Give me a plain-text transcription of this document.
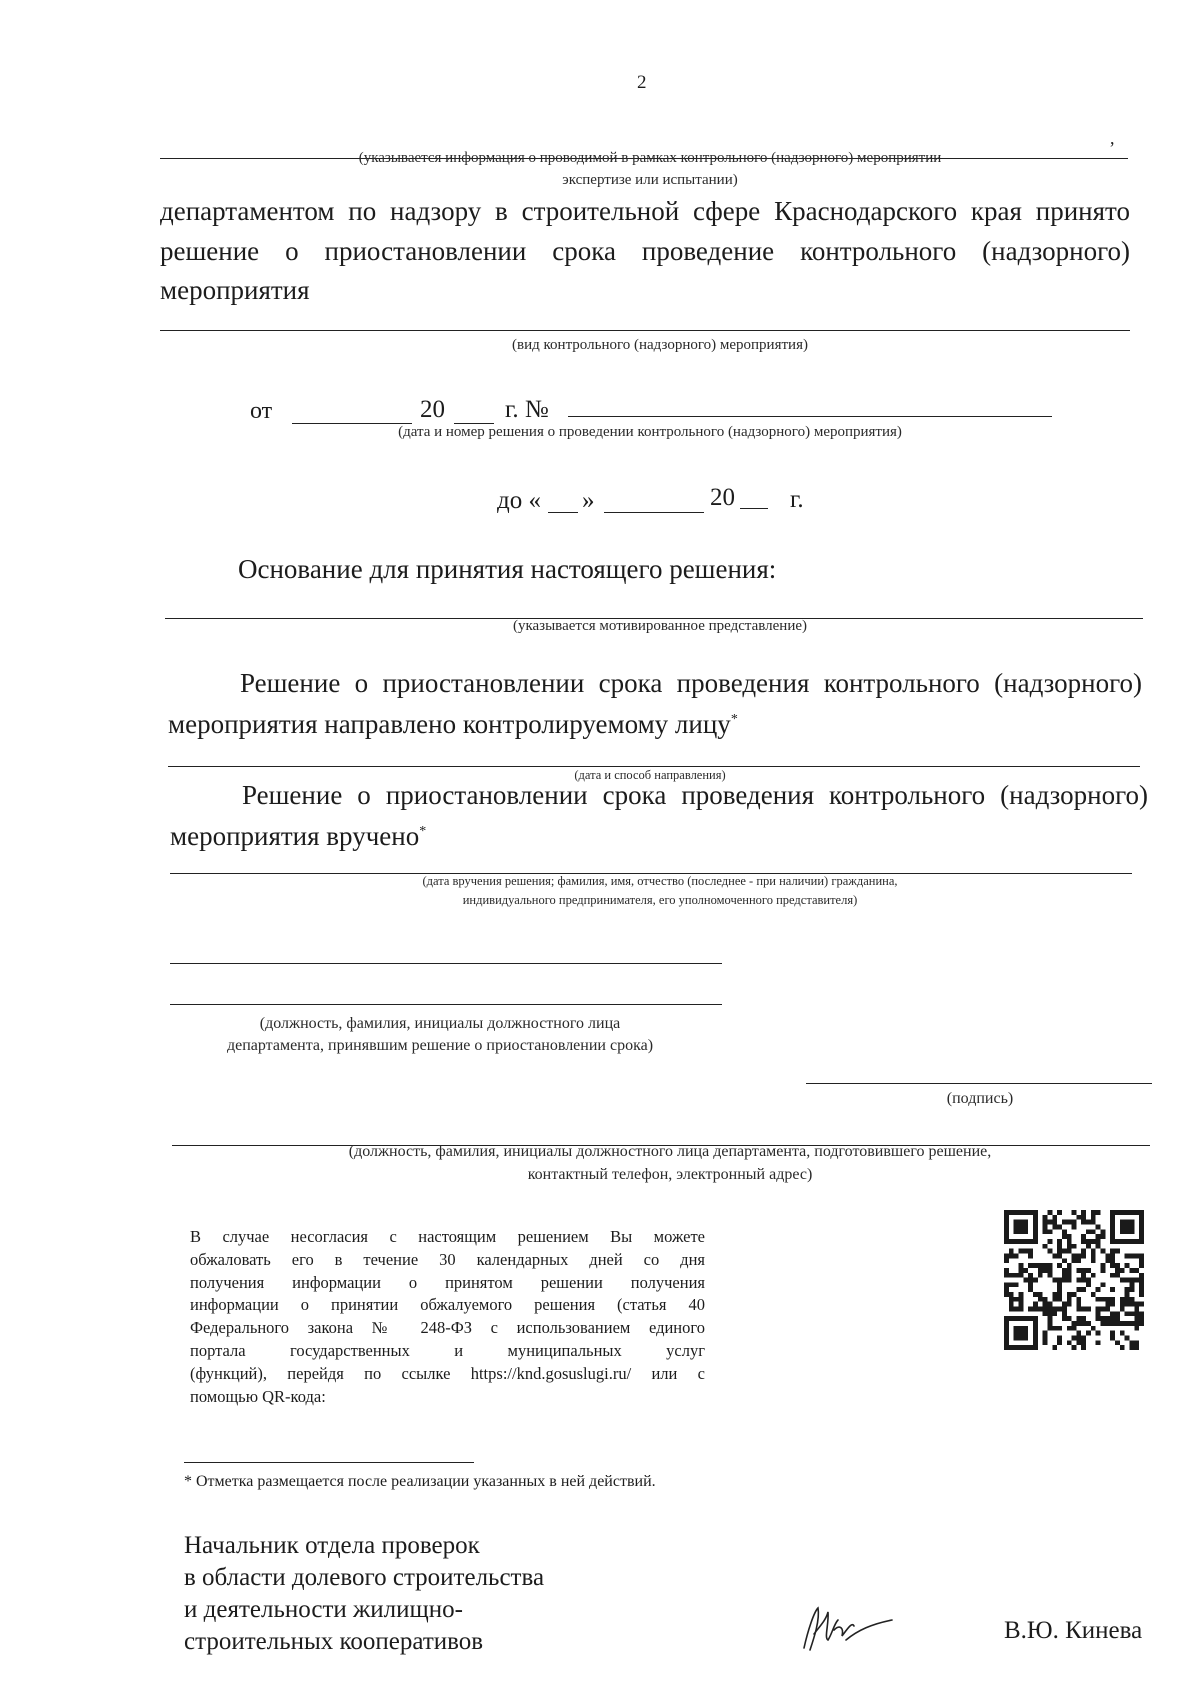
2
,
(указывается информация о проводимой в рамках контрольного (надзорного) мероприятии
экспертизе или испытании)
департаментом по надзору в строительной сфере Краснодарского края принято
решение о приостановлении срока проведение контрольного (надзорного)
мероприятия
(вид контрольного (надзорного) мероприятия)
от	20 г. №
(дата и номер решения о проведении контрольного (надзорного) мероприятия)
до « »	20 г.
Основание для принятия настоящего решения:
(указывается мотивированное представление)
Решение о приостановлении срока проведения контрольного (надзорного)
мероприятия направлено контролируемому лицу*
(дата и способ направления)
Решение о приостановлении срока проведения контрольного (надзорного)
мероприятия вручено*
(дата вручения решения; фамилия, имя, отчество (последнее - при наличии) гражданина,
индивидуального предпринимателя, его уполномоченного представителя)
(должность, фамилия, инициалы должностного лица
департамента, принявшим решение о приостановлении срока)
(подпись)
(должность, фамилия, инициалы должностного лица департамента, подготовившего решение,
контактный телефон, электронный адрес)
В случае несогласия с настоящим решением Вы можете
обжаловать его в течение 30 календарных дней со дня
получения информации о принятом решении получения
информации о принятии обжалуемого решения (статья 40
Федерального закона № 248-ФЗ с использованием единого
портала государственных и муниципальных услуг
(функций), перейдя по ссылке https://knd.gosuslugi.ru/ или с
помощью QR-кода:
* Отметка размещается после реализации указанных в ней действий.
Начальник отдела проверок
в области долевого строительства
и деятельности жилищно-
строительных кооперативов	В.Ю. Кинева
